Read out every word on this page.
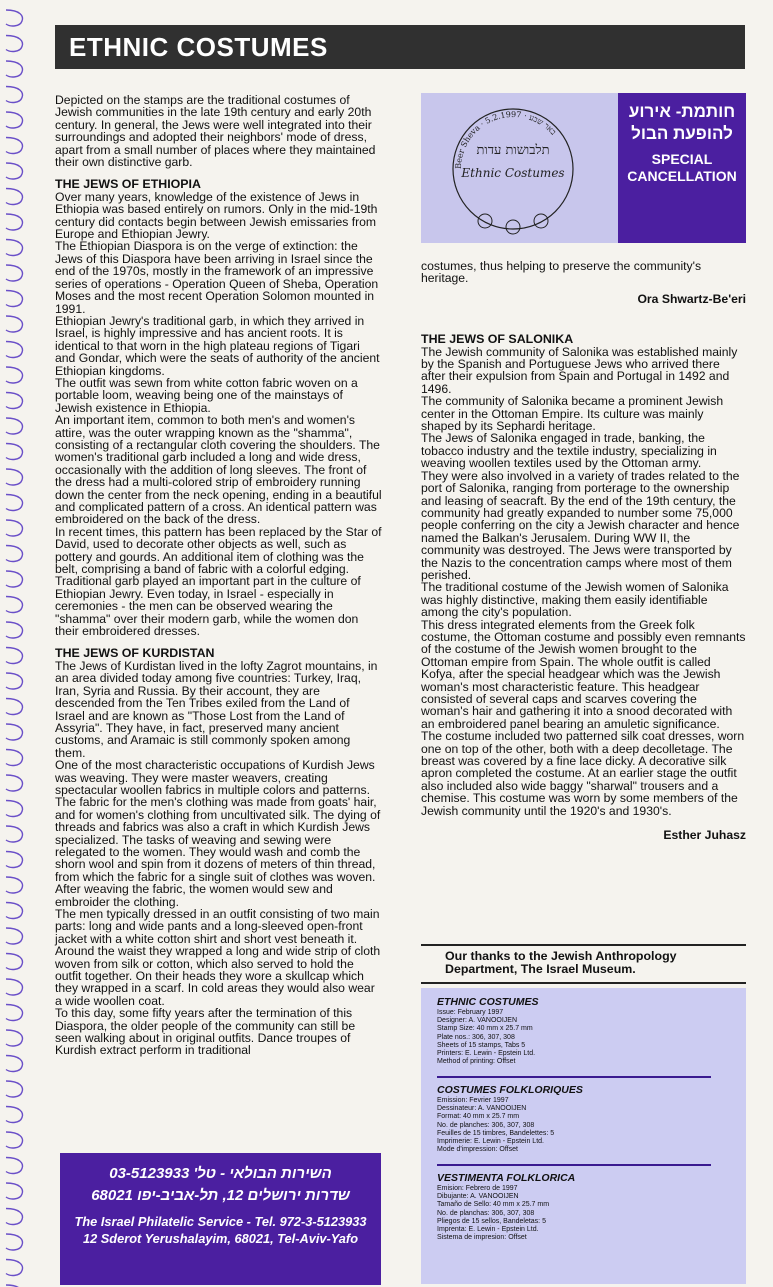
ETHNIC COSTUMES

Depicted on the stamps are the traditional costumes of Jewish communities in the late 19th century and early 20th century. In general, the Jews were well integrated into their surroundings and adopted their neighbors' mode of dress, apart from a small number of places where they maintained their own distinctive garb.

THE JEWS OF ETHIOPIA

Over many years, knowledge of the existence of Jews in Ethiopia was based entirely on rumors. Only in the mid-19th century did contacts begin between Jewish emissaries from Europe and Ethiopian Jewry.

The Ethiopian Diaspora is on the verge of extinction: the Jews of this Diaspora have been arriving in Israel since the end of the 1970s, mostly in the framework of an impressive series of operations - Operation Queen of Sheba, Operation Moses and the most recent Operation Solomon mounted in 1991.

Ethiopian Jewry's traditional garb, in which they arrived in Israel, is highly impressive and has ancient roots. It is identical to that worn in the high plateau regions of Tigari and Gondar, which were the seats of authority of the ancient Ethiopian kingdoms.

The outfit was sewn from white cotton fabric woven on a portable loom, weaving being one of the mainstays of Jewish existence in Ethiopia.

An important item, common to both men's and women's attire, was the outer wrapping known as the "shamma", consisting of a rectangular cloth covering the shoulders. The women's traditional garb included a long and wide dress, occasionally with the addition of long sleeves. The front of the dress had a multi-colored strip of embroidery running down the center from the neck opening, ending in a beautiful and complicated pattern of a cross. An identical pattern was embroidered on the back of the dress.

In recent times, this pattern has been replaced by the Star of David, used to decorate other objects as well, such as pottery and gourds. An additional item of clothing was the belt, comprising a band of fabric with a colorful edging.

Traditional garb played an important part in the culture of Ethiopian Jewry. Even today, in Israel - especially in ceremonies - the men can be observed wearing the "shamma" over their modern garb, while the women don their embroidered dresses.

THE JEWS OF KURDISTAN

The Jews of Kurdistan lived in the lofty Zagrot mountains, in an area divided today among five countries: Turkey, Iraq, Iran, Syria and Russia. By their account, they are descended from the Ten Tribes exiled from the Land of Israel and are known as "Those Lost from the Land of Assyria". They have, in fact, preserved many ancient customs, and Aramaic is still commonly spoken among them.

One of the most characteristic occupations of Kurdish Jews was weaving. They were master weavers, creating spectacular woollen fabrics in multiple colors and patterns. The fabric for the men's clothing was made from goats' hair, and for women's clothing from uncultivated silk. The dying of threads and fabrics was also a craft in which Kurdish Jews specialized. The tasks of weaving and sewing were relegated to the women. They would wash and comb the shorn wool and spin from it dozens of meters of thin thread, from which the fabric for a single suit of clothes was woven. After weaving the fabric, the women would sew and embroider the clothing.

The men typically dressed in an outfit consisting of two main parts: long and wide pants and a long-sleeved open-front jacket with a white cotton shirt and short vest beneath it. Around the waist they wrapped a long and wide strip of cloth woven from silk or cotton, which also served to hold the outfit together. On their heads they wore a skullcap which they wrapped in a scarf. In cold areas they would also wear a wide woollen coat.

To this day, some fifty years after the termination of this Diaspora, the older people of the community can still be seen walking about in original outfits. Dance troupes of Kurdish extract perform in traditional

Beer Sheva · באר שבע · 5.2.1997
תלבושות עדות
Ethnic Costumes
חותמת- אירוע להופעת הבול
SPECIAL CANCELLATION

costumes, thus helping to preserve the community's heritage.

Ora Shwartz-Be'eri
THE JEWS OF SALONIKA

The Jewish community of Salonika was established mainly by the Spanish and Portuguese Jews who arrived there after their expulsion from Spain and Portugal in 1492 and 1496.

The community of Salonika became a prominent Jewish center in the Ottoman Empire. Its culture was mainly shaped by its Sephardi heritage.

The Jews of Salonika engaged in trade, banking, the tobacco industry and the textile industry, specializing in weaving woollen textiles used by the Ottoman army.

They were also involved in a variety of trades related to the port of Salonika, ranging from porterage to the ownership and leasing of seacraft. By the end of the 19th century, the community had greatly expanded to number some 75,000 people conferring on the city a Jewish character and hence named the Balkan's Jerusalem. During WW II, the community was destroyed. The Jews were transported by the Nazis to the concentration camps where most of them perished.

The traditional costume of the Jewish women of Salonika was highly distinctive, making them easily identifiable among the city's population.

This dress integrated elements from the Greek folk costume, the Ottoman costume and possibly even remnants of the costume of the Jewish women brought to the Ottoman empire from Spain. The whole outfit is called Kofya, after the special headgear which was the Jewish woman's most characteristic feature. This headgear consisted of several caps and scarves covering the woman's hair and gathering it into a snood decorated with an embroidered panel bearing an amuletic significance.

The costume included two patterned silk coat dresses, worn one on top of the other, both with a deep decolletage. The breast was covered by a fine lace dicky. A decorative silk apron completed the costume. At an earlier stage the outfit also included also wide baggy "sharwal" trousers and a chemise. This costume was worn by some members of the Jewish community until the 1920's and 1930's.

Esther Juhasz
Our thanks to the Jewish Anthropology Department, The Israel Museum.
ETHNIC COSTUMES
Issue: February 1997
Designer: A. VANOOIJEN
Stamp Size: 40 mm x 25.7 mm
Plate nos.: 306, 307, 308
Sheets of 15 stamps, Tabs 5
Printers: E. Lewin - Epstein Ltd.
Method of printing: Offset
COSTUMES FOLKLORIQUES
Emission: Fevrier 1997
Dessinateur: A. VANOOIJEN
Format: 40 mm x 25.7 mm
No. de planches: 306, 307, 308
Feuilles de 15 timbres, Bandelettes: 5
Imprimerie: E. Lewin - Epstein Ltd.
Mode d'impression: Offset
VESTIMENTA FOLKLORICA
Emision: Febrero de 1997
Dibujante: A. VANOOIJEN
Tamaño de Sello: 40 mm x 25.7 mm
No. de planchas: 306, 307, 308
Pliegos de 15 sellos, Bandeletas: 5
Imprenta: E. Lewin - Epstein Ltd.
Sistema de impresion: Offset
השירות הבולאי - טל' 03-5123933
שדרות ירושלים 12, תל-אביב-יפו 68021
The Israel Philatelic Service - Tel. 972-3-5123933
12 Sderot Yerushalayim, 68021, Tel-Aviv-Yafo
